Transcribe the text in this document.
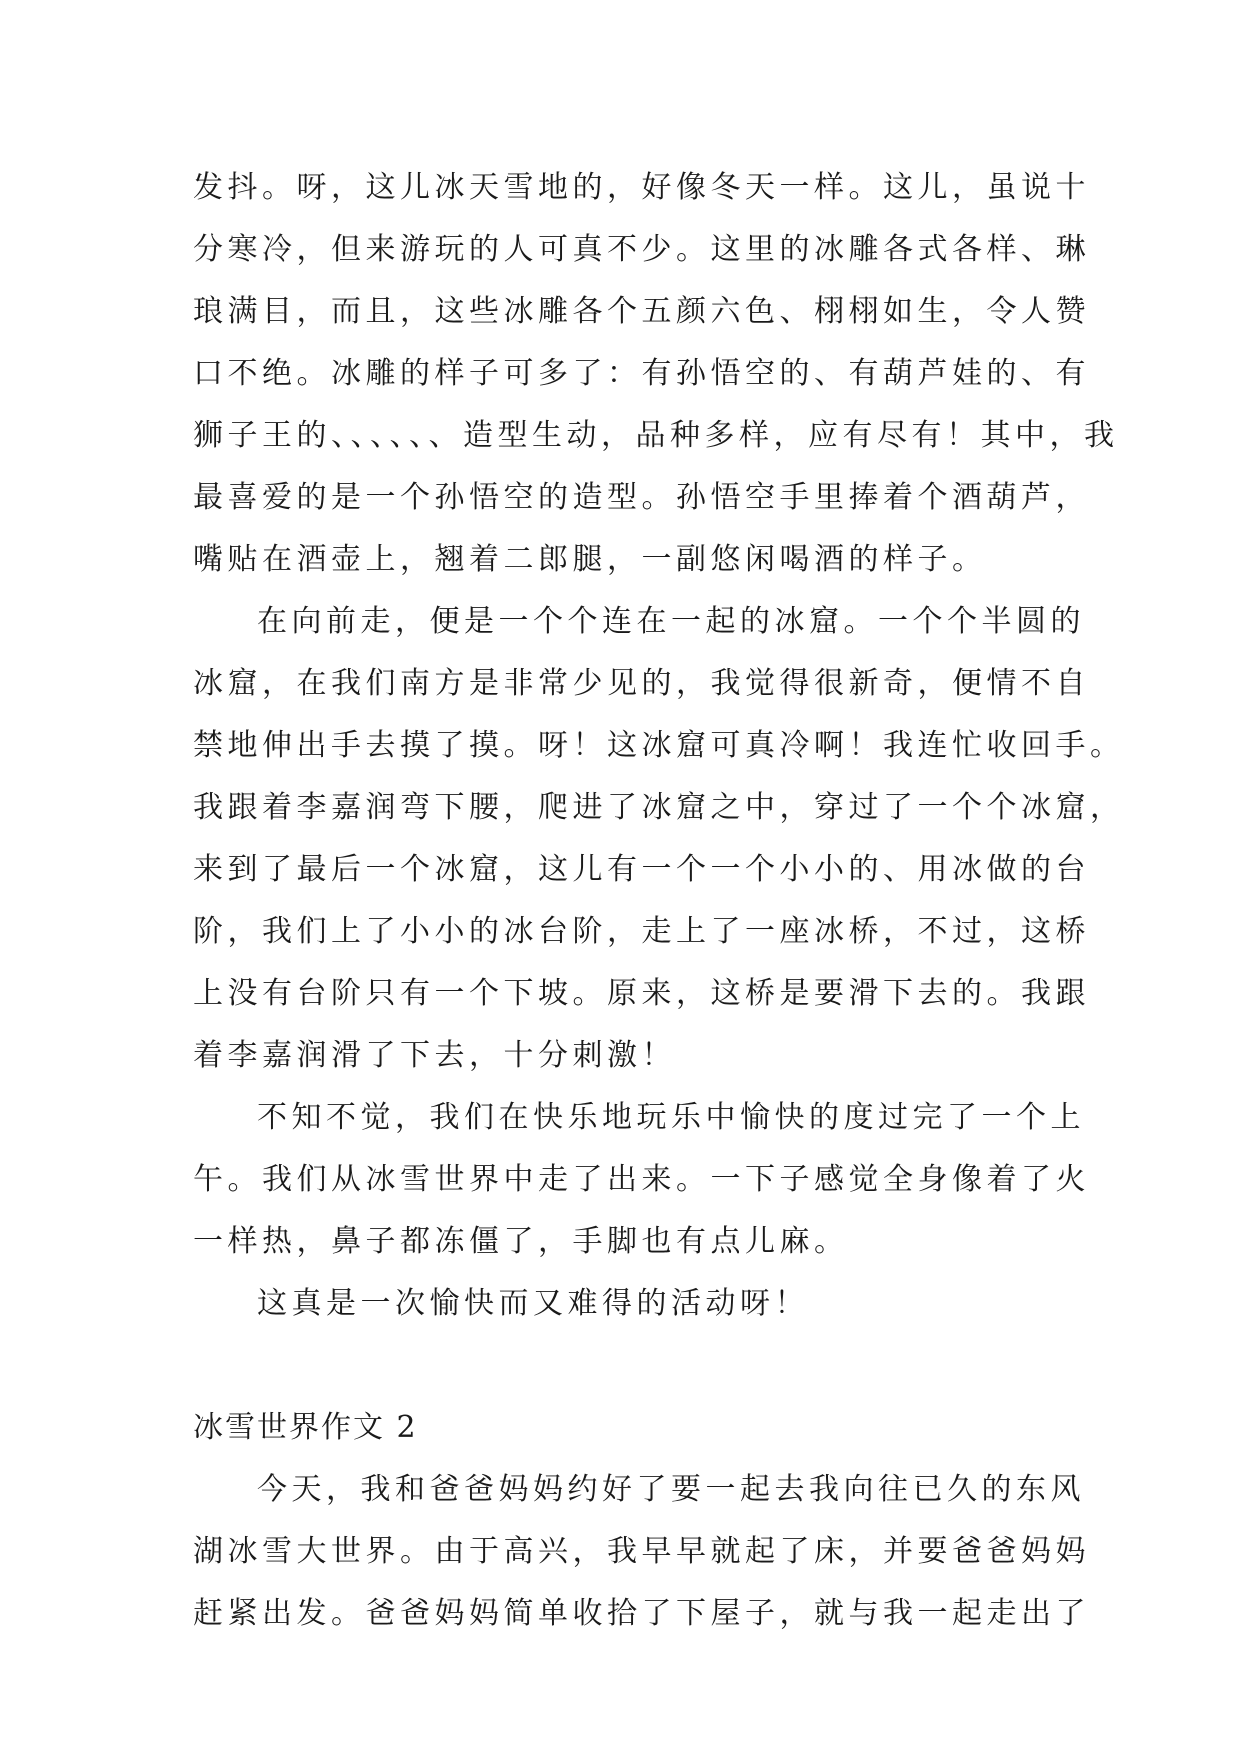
发抖。呀，这儿冰天雪地的，好像冬天一样。这儿，虽说十
分寒冷，但来游玩的人可真不少。这里的冰雕各式各样、琳
琅满目，而且，这些冰雕各个五颜六色、栩栩如生，令人赞
口不绝。冰雕的样子可多了：有孙悟空的、有葫芦娃的、有
狮子王的、、、、、、造型生动，品种多样，应有尽有！其中，我
最喜爱的是一个孙悟空的造型。孙悟空手里捧着个酒葫芦，
嘴贴在酒壶上，翘着二郎腿，一副悠闲喝酒的样子。
在向前走，便是一个个连在一起的冰窟。一个个半圆的
冰窟，在我们南方是非常少见的，我觉得很新奇，便情不自
禁地伸出手去摸了摸。呀！这冰窟可真冷啊！我连忙收回手。
我跟着李嘉润弯下腰，爬进了冰窟之中，穿过了一个个冰窟，
来到了最后一个冰窟，这儿有一个一个小小的、用冰做的台
阶，我们上了小小的冰台阶，走上了一座冰桥，不过，这桥
上没有台阶只有一个下坡。原来，这桥是要滑下去的。我跟
着李嘉润滑了下去，十分刺激！
不知不觉，我们在快乐地玩乐中愉快的度过完了一个上
午。我们从冰雪世界中走了出来。一下子感觉全身像着了火
一样热，鼻子都冻僵了，手脚也有点儿麻。
这真是一次愉快而又难得的活动呀！
冰雪世界作文 2
今天，我和爸爸妈妈约好了要一起去我向往已久的东风
湖冰雪大世界。由于高兴，我早早就起了床，并要爸爸妈妈
赶紧出发。爸爸妈妈简单收拾了下屋子，就与我一起走出了
